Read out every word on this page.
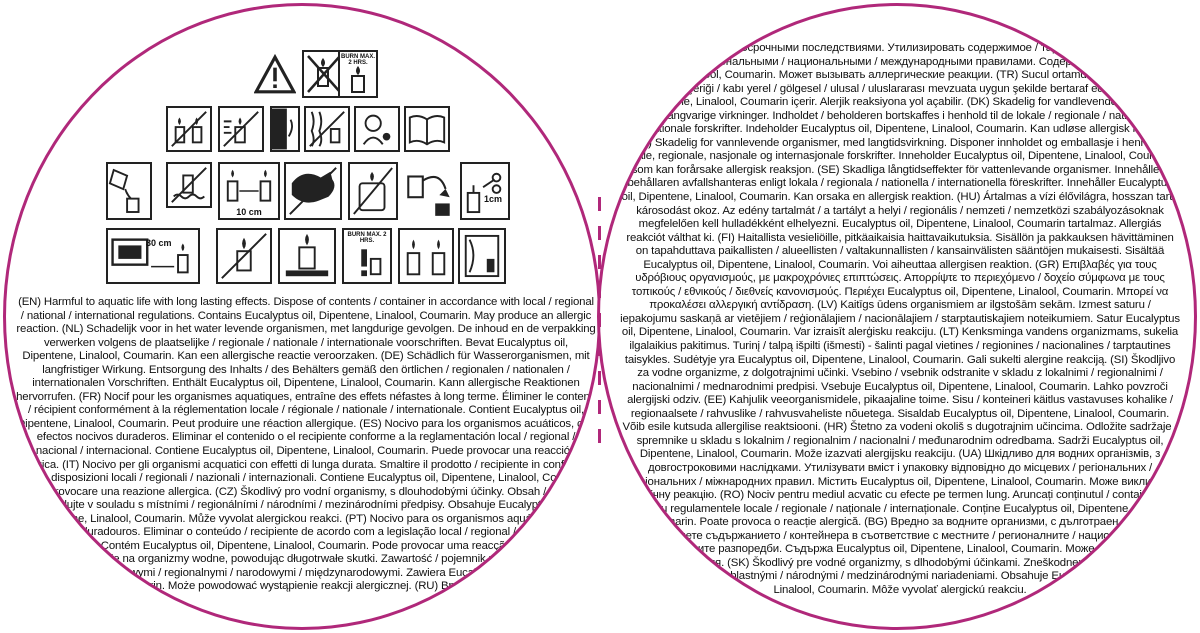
BURN MAX. 2 HRS.
10 cm
1cm
30 cm
BURN MAX. 2 HRS.

(EN) Harmful to aquatic life with long lasting effects. Dispose of contents / container in accordance with local / regional / national / international regulations. Contains Eucalyptus oil, Dipentene, Linalool, Coumarin. May produce an allergic reaction. (NL) Schadelijk voor in het water levende organismen, met langdurige gevolgen. De inhoud en de verpakking verwerken volgens de plaatselijke / regionale / nationale / internationale voorschriften. Bevat Eucalyptus oil, Dipentene, Linalool, Coumarin. Kan een allergische reactie veroorzaken. (DE) Schädlich für Wasserorganismen, mit langfristiger Wirkung. Entsorgung des Inhalts / des Behälters gemäß den örtlichen / regionalen / nationalen / internationalen Vorschriften. Enthält Eucalyptus oil, Dipentene, Linalool, Coumarin. Kann allergische Reaktionen hervorrufen. (FR) Nocif pour les organismes aquatiques, entraîne des effets néfastes à long terme. Éliminer le contenu / récipient conformément à la réglementation locale / régionale / nationale / internationale. Contient Eucalyptus oil, Dipentene, Linalool, Coumarin. Peut produire une réaction allergique. (ES) Nocivo para los organismos acuáticos, con efectos nocivos duraderos. Eliminar el contenido o el recipiente conforme a la reglamentación local / regional / nacional / internacional. Contiene Eucalyptus oil, Dipentene, Linalool, Coumarin. Puede provocar una reacción alérgica. (IT) Nocivo per gli organismi acquatici con effetti di lunga durata. Smaltire il prodotto / recipiente in conformità con le disposizioni locali / regionali / nazionali / internazionali. Contiene Eucalyptus oil, Dipentene, Linalool, Coumarin. Può provocare una reazione allergica. (CZ) Škodlivý pro vodní organismy, s dlouhodobými účinky. Obsah / nádobu likvidujte v souladu s místními / regionálními / národními / mezinárodními předpisy. Obsahuje Eucalyptus oil, Dipentene, Linalool, Coumarin. Může vyvolat alergickou reakci. (PT) Nocivo para os organismos aquáticos com efeitos duradouros. Eliminar o conteúdo / recipiente de acordo com a legislação local / regional / nacional / internacional. Contém Eucalyptus oil, Dipentene, Linalool, Coumarin. Pode provocar uma reacção alérgica. (PL) Działa szkodliwie na organizmy wodne, powodując długotrwałe skutki. Zawartość / pojemnik usuwać zgodnie z przepisami miejscowymi / regionalnymi / narodowymi / międzynarodowymi. Zawiera Eucalyptus oil, Dipentene, Linalool, Coumarin. Może powodować wystąpienie reakcji alergicznej. (RU) Вредно для водных

организмов с долгосрочными последствиями. Утилизировать содержимое / тару в соответствии с местными / региональными / национальными / международными правилами. Содержит Eucalyptus oil, Dipentene, Linalool, Coumarin. Может вызывать аллергические реакции. (TR) Sucul ortamda uzun süre kalıcı, zararlı etki. İçeriği / kabı yerel / gölgesel / ulusal / uluslararası mevzuata uygun şekilde bertaraf edin. Eucalyptus oil, Dipentene, Linalool, Coumarin içerir. Alerjik reaksiyona yol açabilir. (DK) Skadelig for vandlevende organismer, med langvarige virkninger. Indholdet / beholderen bortskaffes i henhold til de lokale / regionale / nationale / internationale forskrifter. Indeholder Eucalyptus oil, Dipentene, Linalool, Coumarin. Kan udløse allergisk reaktion. (NO) Skadelig for vannlevende organismer, med langtidsvirkning. Disponer innholdet og emballasje i henhold til lokale, regionale, nasjonale og internasjonale forskrifter. Inneholder Eucalyptus oil, Dipentene, Linalool, Coumarin som kan forårsake allergisk reaksjon. (SE) Skadliga långtidseffekter för vattenlevande organismer. Innehållet / behållaren avfallshanteras enligt lokala / regionala / nationella / internationella föreskrifter. Innehåller Eucalyptus oil, Dipentene, Linalool, Coumarin. Kan orsaka en allergisk reaktion. (HU) Ártalmas a vízi élővilágra, hosszan tartó károsodást okoz. Az edény tartalmát / a tartályt a helyi / regionális / nemzeti / nemzetközi szabályozásoknak megfelelően kell hulladékként elhelyezni. Eucalyptus oil, Dipentene, Linalool, Coumarin tartalmaz. Allergiás reakciót válthat ki. (FI) Haitallista vesieliöille, pitkäaikaisia haittavaikutuksia. Sisällön ja pakkauksen hävittäminen on tapahduttava paikallisten / alueellisten / valtakunnallisten / kansainvälisten sääntöjen mukaisesti. Sisältää Eucalyptus oil, Dipentene, Linalool, Coumarin. Voi aiheuttaa allergisen reaktion. (GR) Επιβλαβές για τους υδρόβιους οργανισμούς, με μακροχρόνιες επιπτώσεις. Απορρίψτε το περιεχόμενο / δοχείο σύμφωνα με τους τοπικούς / εθνικούς / διεθνείς κανονισμούς. Περιέχει Eucalyptus oil, Dipentene, Linalool, Coumarin. Μπορεί να προκαλέσει αλλεργική αντίδραση. (LV) Kaitīgs ūdens organismiem ar ilgstošām sekām. Izmest saturu / iepakojumu saskaņā ar vietējiem / reģionālajiem / nacionālajiem / starptautiskajiem noteikumiem. Satur Eucalyptus oil, Dipentene, Linalool, Coumarin. Var izraisīt alerģisku reakciju. (LT) Kenksminga vandens organizmams, sukelia ilgalaikius pakitimus. Turinį / talpą išpilti (išmesti) - šalinti pagal vietines / regionines / nacionalines / tarptautines taisykles. Sudėtyje yra Eucalyptus oil, Dipentene, Linalool, Coumarin. Gali sukelti alergine reakciją. (SI) Škodljivo za vodne organizme, z dolgotrajnimi učinki. Vsebino / vsebnik odstranite v skladu z lokalnimi / regionalnimi / nacionalnimi / mednarodnimi predpisi. Vsebuje Eucalyptus oil, Dipentene, Linalool, Coumarin. Lahko povzroči alergijski odziv. (EE) Kahjulik veeorganismidele, pikaajaline toime. Sisu / konteineri käitlus vastavuses kohalike / regionaalsete / rahvuslike / rahvusvaheliste nõuetega. Sisaldab Eucalyptus oil, Dipentene, Linalool, Coumarin. Võib esile kutsuda allergilise reaktsiooni. (HR) Štetno za vodeni okoliš s dugotrajnim učincima. Odložite sadržaje / spremnike u skladu s lokalnim / regionalnim / nacionalni / međunarodnim odredbama. Sadrži Eucalyptus oil, Dipentene, Linalool, Coumarin. Može izazvati alergijsku reakciju. (UA) Шкідливо для водних організмів, з довгостроковими наслідками. Утилізувати вміст і упаковку відповідно до місцевих / регіональних / національних / міжнародних правил. Містить Eucalyptus oil, Dipentene, Linalool, Coumarin. Може викликати алергічну реакцію. (RO) Nociv pentru mediul acvatic cu efecte pe termen lung. Aruncați conținutul / containerul în acord cu regulamentele locale / regionale / naționale / internaționale. Conține Eucalyptus oil, Dipentene, Linalool, Coumarin. Poate provoca o reacție alergică. (BG) Вредно за водните организми, с дълготраен ефект. Изхвърлете съдържанието / контейнера в съответствие с местните / регионалните / националните / международните разпоредби. Съдържа Eucalyptus oil, Dipentene, Linalool, Coumarin. Може да предизвика алергична реакция. (SK) Škodlivý pre vodné organizmy, s dlhodobými účinkami. Zneškodnenie obsahu / obalu v súlade s miestnymi / oblastnými / národnými / medzinárodnými nariadeniami. Obsahuje Eucalyptus oil, Dipentene, Linalool, Coumarin. Môže vyvolať alergickú reakciu.
